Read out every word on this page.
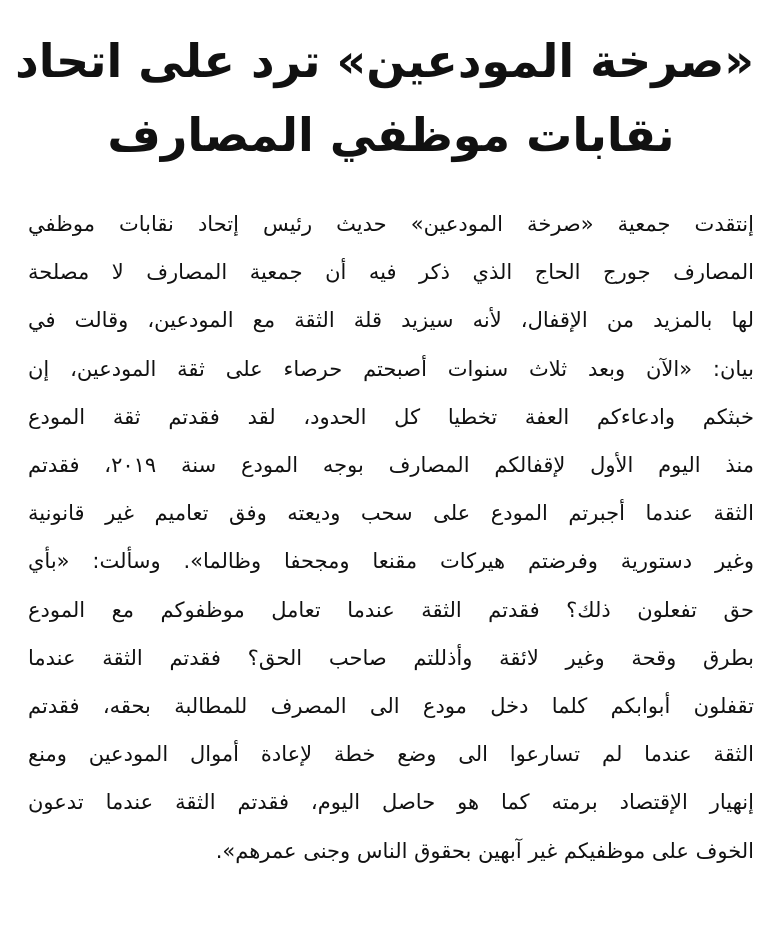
«صرخة المودعين» ترد على اتحاد
نقابات موظفي المصارف
إنتقدت جمعية «صرخة المودعين» حديث رئيس إتحاد نقابات موظفي
المصارف جورج الحاج الذي ذكر فيه أن جمعية المصارف لا مصلحة
لها بالمزيد من الإقفال، لأنه سيزيد قلة الثقة مع المودعين، وقالت في
بيان: «الآن وبعد ثلاث سنوات أصبحتم حرصاء على ثقة المودعين، إن
خبثكم وادعاءكم العفة تخطيا كل الحدود، لقد فقدتم ثقة المودع
منذ اليوم الأول لإقفالكم المصارف بوجه المودع سنة ٢٠١٩، فقدتم
الثقة عندما أجبرتم المودع على سحب وديعته وفق تعاميم غير قانونية
وغير دستورية وفرضتم هيركات مقنعا ومجحفا وظالما». وسألت: «بأي
حق تفعلون ذلك؟ فقدتم الثقة عندما تعامل موظفوكم مع المودع
بطرق وقحة وغير لائقة وأذللتم صاحب الحق؟ فقدتم الثقة عندما
تقفلون أبوابكم كلما دخل مودع الى المصرف للمطالبة بحقه، فقدتم
الثقة عندما لم تسارعوا الى وضع خطة لإعادة أموال المودعين ومنع
إنهيار الإقتصاد برمته كما هو حاصل اليوم، فقدتم الثقة عندما تدعون
الخوف على موظفيكم غير آبهين بحقوق الناس وجنى عمرهم».
